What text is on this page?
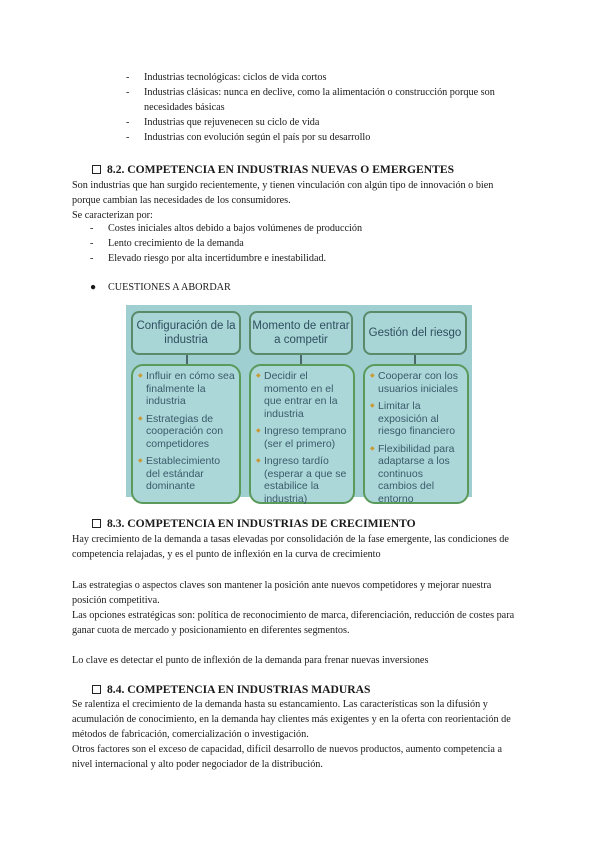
- Industrias tecnológicas: ciclos de vida cortos
- Industrias clásicas: nunca en declive, como la alimentación o construcción porque son necesidades básicas
- Industrias que rejuvenecen su ciclo de vida
- Industrias con evolución según el país por su desarrollo
8.2. COMPETENCIA EN INDUSTRIAS NUEVAS O EMERGENTES
Son industrias que han surgido recientemente, y tienen vinculación con algún tipo de innovación o bien porque cambian las necesidades de los consumidores.
Se caracterizan por:
- Costes iniciales altos debido a bajos volúmenes de producción
- Lento crecimiento de la demanda
- Elevado riesgo por alta incertidumbre e inestabilidad.
● CUESTIONES A ABORDAR
Configuración de la industria
◆ Influir en cómo sea finalmente la industria
◆ Estrategias de cooperación con competidores
◆ Establecimiento del estándar dominante
Momento de entrar a competir
◆ Decidir el momento en el que entrar en la industria
◆ Ingreso temprano (ser el primero)
◆ Ingreso tardío (esperar a que se estabilice la industria)
Gestión del riesgo
◆ Cooperar con los usuarios iniciales
◆ Limitar la exposición al riesgo financiero
◆ Flexibilidad para adaptarse a los continuos cambios del entorno
8.3. COMPETENCIA EN INDUSTRIAS DE CRECIMIENTO
Hay crecimiento de la demanda a tasas elevadas por consolidación de la fase emergente, las condiciones de competencia relajadas, y es el punto de inflexión en la curva de crecimiento
Las estrategias o aspectos claves son mantener la posición ante nuevos competidores y mejorar nuestra posición competitiva.
Las opciones estratégicas son: política de reconocimiento de marca, diferenciación, reducción de costes para ganar cuota de mercado y posicionamiento en diferentes segmentos.
Lo clave es detectar el punto de inflexión de la demanda para frenar nuevas inversiones
8.4. COMPETENCIA EN INDUSTRIAS MADURAS
Se ralentiza el crecimiento de la demanda hasta su estancamiento. Las características son la difusión y acumulación de conocimiento, en la demanda hay clientes más exigentes y en la oferta con reorientación de métodos de fabricación, comercialización o investigación.
Otros factores son el exceso de capacidad, difícil desarrollo de nuevos productos, aumento competencia a nivel internacional y alto poder negociador de la distribución.
